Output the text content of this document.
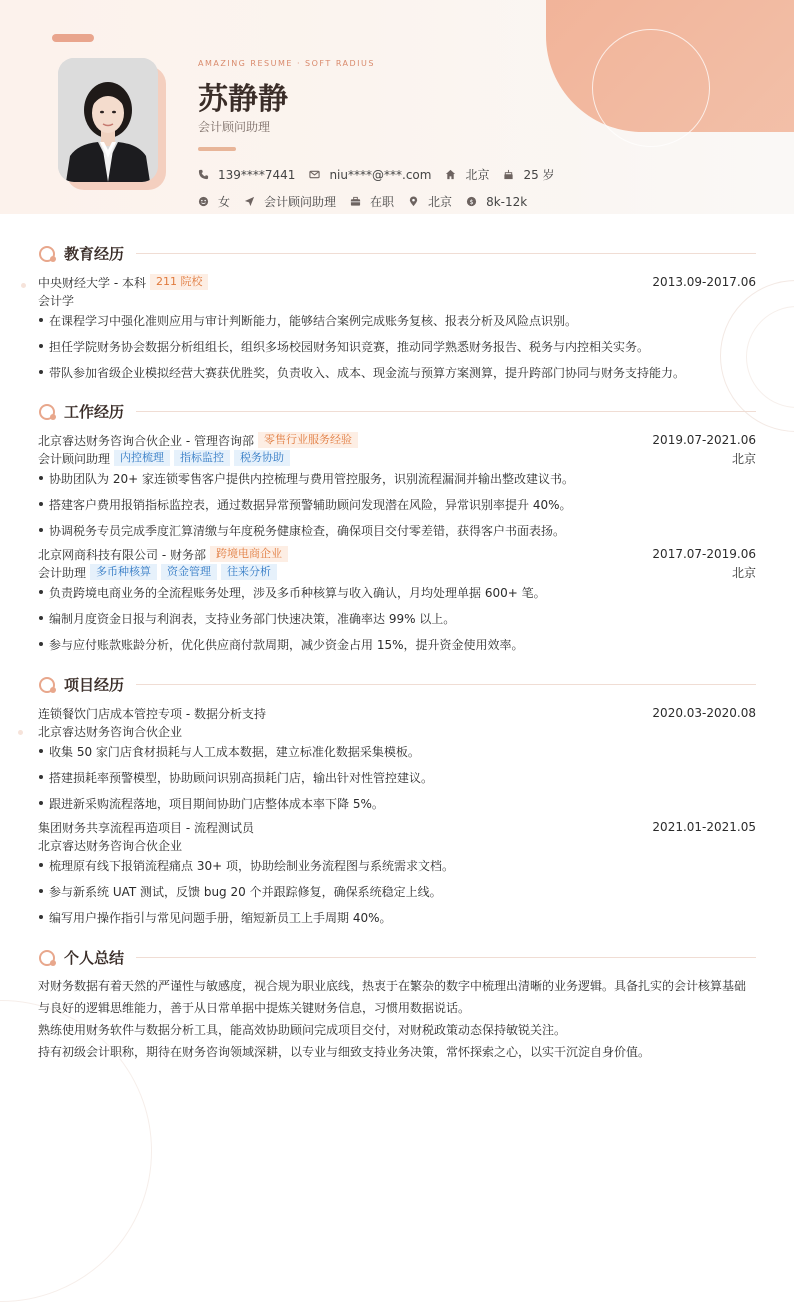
AMAZING RESUME · SOFT RADIUS
苏静静
会计顾问助理
139****7441	niu****@***.com	北京	25 岁
女	会计顾问助理	在职	北京 $ 8k-12k
教育经历
中央财经大学 - 本科 211 院校	2013.09-2017.06
会计学
在课程学习中强化准则应用与审计判断能力，能够结合案例完成账务复核、报表分析及风险点识别。
担任学院财务协会数据分析组组长，组织多场校园财务知识竞赛，推动同学熟悉财务报告、税务与内控相关实务。
带队参加省级企业模拟经营大赛获优胜奖，负责收入、成本、现金流与预算方案测算，提升跨部门协同与财务支持能力。
工作经历
北京睿达财务咨询合伙企业 - 管理咨询部 零售行业服务经验	2019.07-2021.06
会计顾问助理 内控梳理	指标监控	税务协助	北京
协助团队为 20+ 家连锁零售客户提供内控梳理与费用管控服务，识别流程漏洞并输出整改建议书。
搭建客户费用报销指标监控表，通过数据异常预警辅助顾问发现潜在风险，异常识别率提升 40%。
协调税务专员完成季度汇算清缴与年度税务健康检查，确保项目交付零差错，获得客户书面表扬。
北京网商科技有限公司 - 财务部 跨境电商企业	2017.07-2019.06
会计助理 多币种核算	资金管理	往来分析	北京
负责跨境电商业务的全流程账务处理，涉及多币种核算与收入确认，月均处理单据 600+ 笔。
编制月度资金日报与利润表，支持业务部门快速决策，准确率达 99% 以上。
参与应付账款账龄分析，优化供应商付款周期，减少资金占用 15%，提升资金使用效率。
项目经历
连锁餐饮门店成本管控专项 - 数据分析支持	2020.03-2020.08
北京睿达财务咨询合伙企业
收集 50 家门店食材损耗与人工成本数据，建立标准化数据采集模板。
搭建损耗率预警模型，协助顾问识别高损耗门店，输出针对性管控建议。
跟进新采购流程落地，项目期间协助门店整体成本率下降 5%。
集团财务共享流程再造项目 - 流程测试员	2021.01-2021.05
北京睿达财务咨询合伙企业
梳理原有线下报销流程痛点 30+ 项，协助绘制业务流程图与系统需求文档。
参与新系统 UAT 测试，反馈 bug 20 个并跟踪修复，确保系统稳定上线。
编写用户操作指引与常见问题手册，缩短新员工上手周期 40%。
个人总结

对财务数据有着天然的严谨性与敏感度，视合规为职业底线，热衷于在繁杂的数字中梳理出清晰的业务逻辑。具备扎实的会计核算基础与良好的逻辑思维能力，善于从日常单据中提炼关键财务信息，习惯用数据说话。

熟练使用财务软件与数据分析工具，能高效协助顾问完成项目交付，对财税政策动态保持敏锐关注。

持有初级会计职称，期待在财务咨询领域深耕，以专业与细致支持业务决策，常怀探索之心，以实干沉淀自身价值。
